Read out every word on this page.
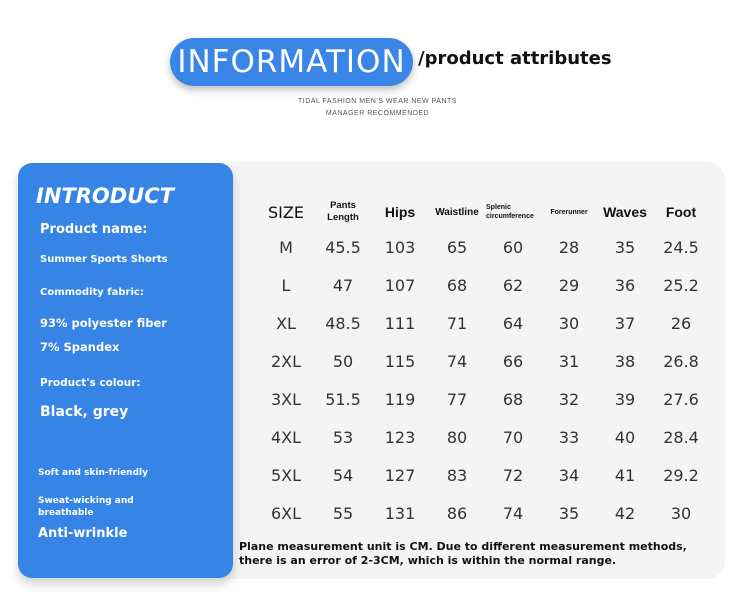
INFORMATION /product attributes
TIDAL FASHION MEN’S WEAR NEW PANTS
MANAGER RECOMMENDED
INTRODUCT
Product name:
Summer Sports Shorts
Commodity fabric:
93% polyester fiber
7% Spandex
Product's colour:
Black, grey
Soft and skin-friendly
Sweat-wicking and breathable
Anti-wrinkle
SIZE	Pants Length	Hips	Waistline	Splenic circumference	Forerunner	Waves	Foot
M	45.5	103	65	60	28	35	24.5
L	47	107	68	62	29	36	25.2
XL	48.5	111	71	64	30	37	26
2XL	50	115	74	66	31	38	26.8
3XL	51.5	119	77	68	32	39	27.6
4XL	53	123	80	70	33	40	28.4
5XL	54	127	83	72	34	41	29.2
6XL	55	131	86	74	35	42	30
Plane measurement unit is CM. Due to different measurement methods, there is an error of 2-3CM, which is within the normal range.
